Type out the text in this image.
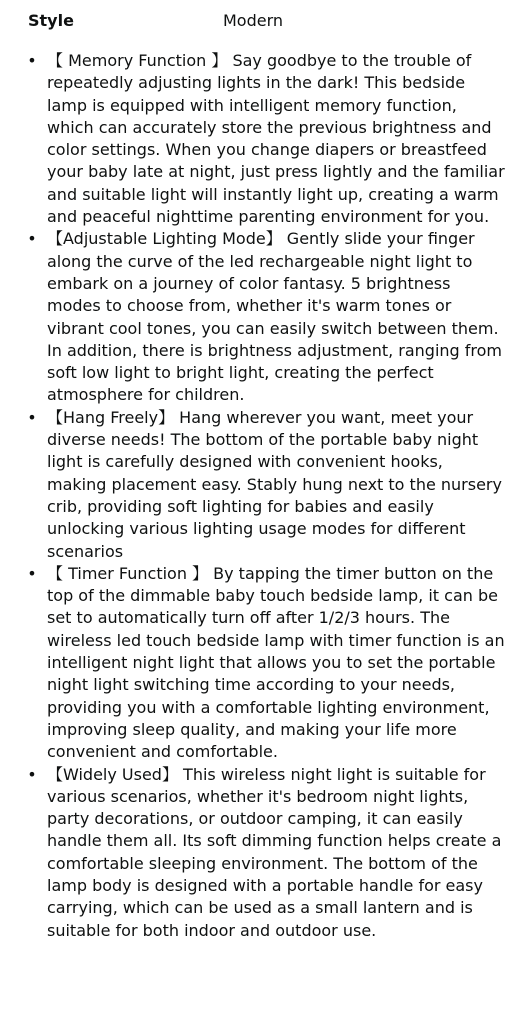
Style	Modern
• 【 Memory Function 】 Say goodbye to the trouble of repeatedly adjusting lights in the dark! This bedside lamp is equipped with intelligent memory function, which can accurately store the previous brightness and color settings. When you change diapers or breastfeed your baby late at night, just press lightly and the familiar and suitable light will instantly light up, creating a warm and peaceful nighttime parenting environment for you.
• 【Adjustable Lighting Mode】 Gently slide your finger along the curve of the led rechargeable night light to embark on a journey of color fantasy. 5 brightness modes to choose from, whether it's warm tones or vibrant cool tones, you can easily switch between them. In addition, there is brightness adjustment, ranging from soft low light to bright light, creating the perfect atmosphere for children.
• 【Hang Freely】 Hang wherever you want, meet your diverse needs! The bottom of the portable baby night light is carefully designed with convenient hooks, making placement easy. Stably hung next to the nursery crib, providing soft lighting for babies and easily unlocking various lighting usage modes for different scenarios
• 【 Timer Function 】 By tapping the timer button on the top of the dimmable baby touch bedside lamp, it can be set to automatically turn off after 1/2/3 hours. The wireless led touch bedside lamp with timer function is an intelligent night light that allows you to set the portable night light switching time according to your needs, providing you with a comfortable lighting environment, improving sleep quality, and making your life more convenient and comfortable.
• 【Widely Used】 This wireless night light is suitable for various scenarios, whether it's bedroom night lights, party decorations, or outdoor camping, it can easily handle them all. Its soft dimming function helps create a comfortable sleeping environment. The bottom of the lamp body is designed with a portable handle for easy carrying, which can be used as a small lantern and is suitable for both indoor and outdoor use.
